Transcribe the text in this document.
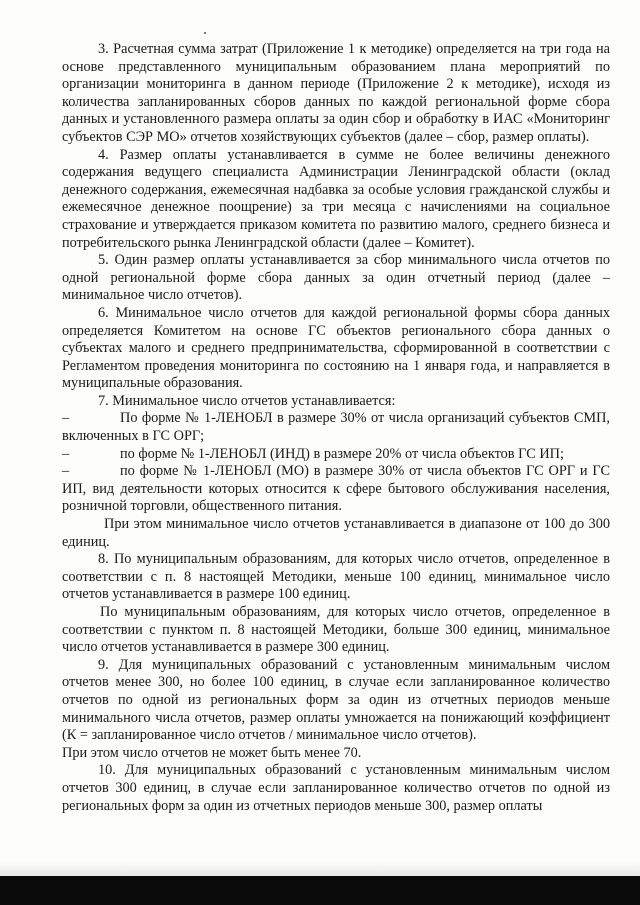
3. Расчетная сумма затрат (Приложение 1 к методике) определяется на три года на основе представленного муниципальным образованием плана мероприятий по организации мониторинга в данном периоде (Приложение 2 к методике), исходя из количества запланированных сборов данных по каждой региональной форме сбора данных и установленного размера оплаты за один сбор и обработку в ИАС «Мониторинг субъектов СЭР МО» отчетов хозяйствующих субъектов (далее – сбор, размер оплаты).

4. Размер оплаты устанавливается в сумме не более величины денежного содержания ведущего специалиста Администрации Ленинградской области (оклад денежного содержания, ежемесячная надбавка за особые условия гражданской службы и ежемесячное денежное поощрение) за три месяца с начислениями на социальное страхование и утверждается приказом комитета по развитию малого, среднего бизнеса и потребительского рынка Ленинградской области (далее – Комитет).

5. Один размер оплаты устанавливается за сбор минимального числа отчетов по одной региональной форме сбора данных за один отчетный период (далее – минимальное число отчетов).

6. Минимальное число отчетов для каждой региональной формы сбора данных определяется Комитетом на основе ГС объектов регионального сбора данных о субъектах малого и среднего предпринимательства, сформированной в соответствии с Регламентом проведения мониторинга по состоянию на 1 января года, и направляется в муниципальные образования.

7. Минимальное число отчетов устанавливается:

–	По форме № 1-ЛЕНОБЛ в размере 30% от числа организаций субъектов СМП, включенных в ГС ОРГ;

–	по форме № 1-ЛЕНОБЛ (ИНД) в размере 20% от числа объектов ГС ИП;

–	по форме № 1-ЛЕНОБЛ (МО) в размере 30% от числа объектов ГС ОРГ и ГС ИП, вид деятельности которых относится к сфере бытового обслуживания населения, розничной торговли, общественного питания.

При этом минимальное число отчетов устанавливается в диапазоне от 100 до 300 единиц.

8. По муниципальным образованиям, для которых число отчетов, определенное в соответствии с п. 8 настоящей Методики, меньше 100 единиц, минимальное число отчетов устанавливается в размере 100 единиц.

По муниципальным образованиям, для которых число отчетов, определенное в соответствии с пунктом п. 8 настоящей Методики, больше 300 единиц, минимальное число отчетов устанавливается в размере 300 единиц.

9. Для муниципальных образований с установленным минимальным числом отчетов менее 300, но более 100 единиц, в случае если запланированное количество отчетов по одной из региональных форм за один из отчетных периодов меньше минимального числа отчетов, размер оплаты умножается на понижающий коэффициент (К = запланированное число отчетов / минимальное число отчетов).

При этом число отчетов не может быть менее 70.

10. Для муниципальных образований с установленным минимальным числом отчетов 300 единиц, в случае если запланированное количество отчетов по одной из региональных форм за один из отчетных периодов меньше 300, размер оплаты
